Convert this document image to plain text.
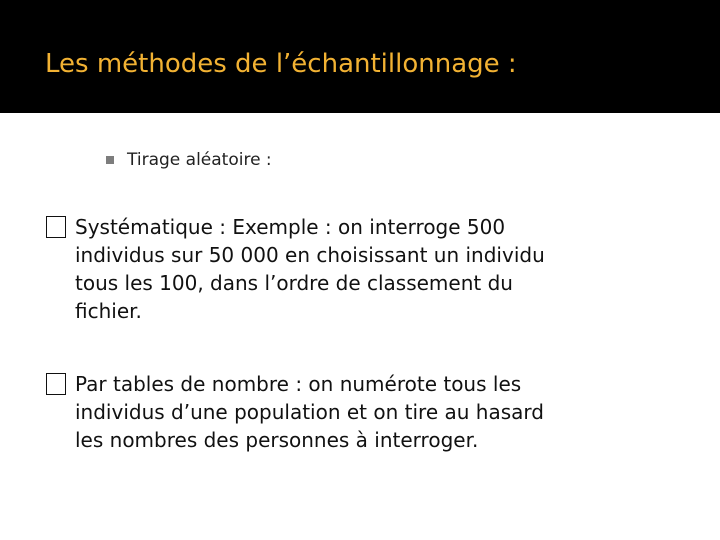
Les méthodes de l’échantillonnage :
Tirage aléatoire :
Systématique : Exemple : on interroge 500
individus sur 50 000 en choisissant un individu
tous les 100, dans l’ordre de classement du
fichier.
Par tables de nombre : on numérote tous les
individus d’une population et on tire au hasard
les nombres des personnes à interroger.
